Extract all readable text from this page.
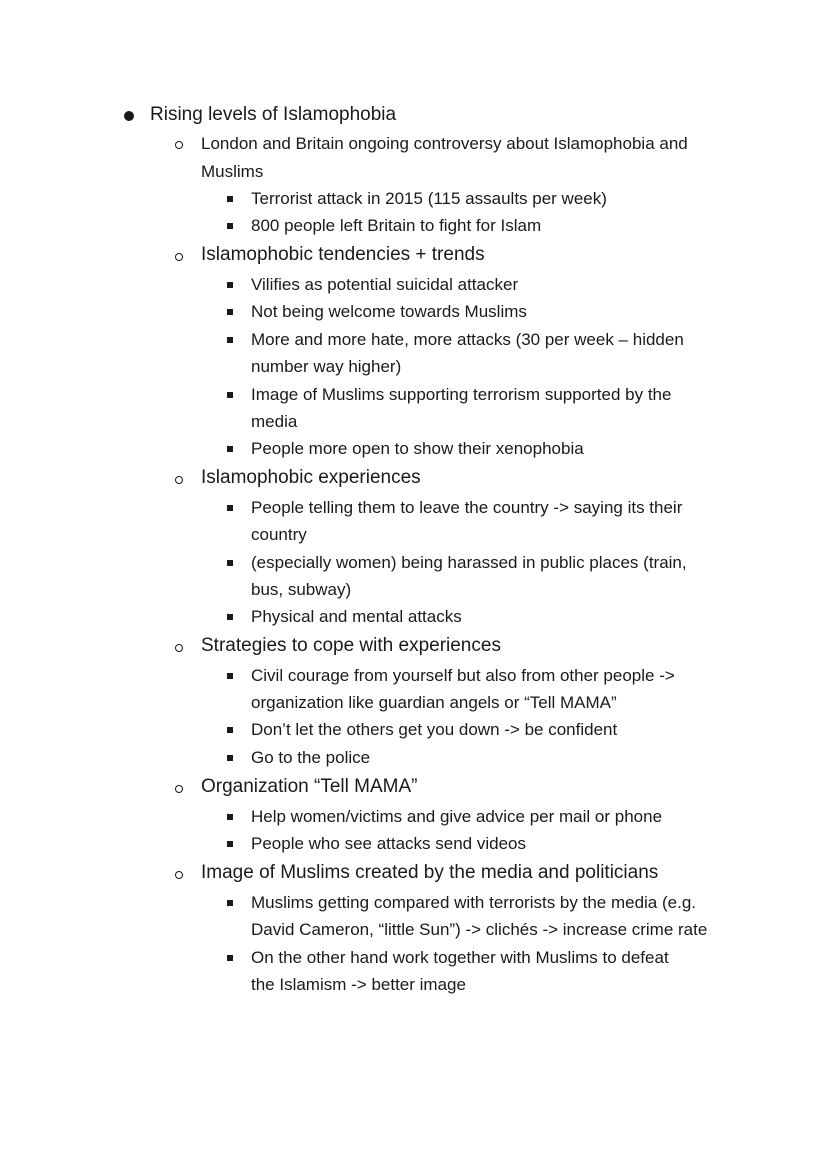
Rising levels of Islamophobia
London and Britain ongoing controversy about Islamophobia and
Muslims
Terrorist attack in 2015 (115 assaults per week)
800 people left Britain to fight for Islam
Islamophobic tendencies + trends
Vilifies as potential suicidal attacker
Not being welcome towards Muslims
More and more hate, more attacks (30 per week – hidden
number way higher)
Image of Muslims supporting terrorism supported by the
media
People more open to show their xenophobia
Islamophobic experiences
People telling them to leave the country -> saying its their
country
(especially women) being harassed in public places (train,
bus, subway)
Physical and mental attacks
Strategies to cope with experiences
Civil courage from yourself but also from other people ->
organization like guardian angels or “Tell MAMA”
Don’t let the others get you down -> be confident
Go to the police
Organization “Tell MAMA”
Help women/victims and give advice per mail or phone
People who see attacks send videos
Image of Muslims created by the media and politicians
Muslims getting compared with terrorists by the media (e.g.
David Cameron, “little Sun”) -> clichés -> increase crime rate
On the other hand work together with Muslims to defeat
the Islamism -> better image
